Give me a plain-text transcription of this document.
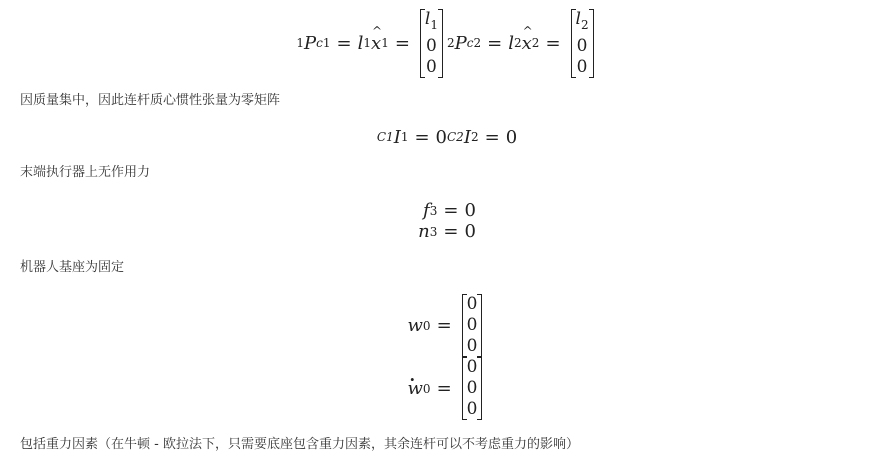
1 P c1 = l 1 x ^ 1 =
$l_1$
0
0
2 P c2 = l 2 x ^ 2 =
$l_2$
0
0
因质量集中，因此连杆质心惯性张量为零矩阵
C1 I 1 = 0 C2 I 2 = 0
末端执行器上无作用力
f 3 = 0
n 3 = 0
机器人基座为固定
w 0 =
0
0
0
w . 0 =
0
0
0
包括重力因素（在牛顿 - 欧拉法下，只需要底座包含重力因素，其余连杆可以不考虑重力的影响）
